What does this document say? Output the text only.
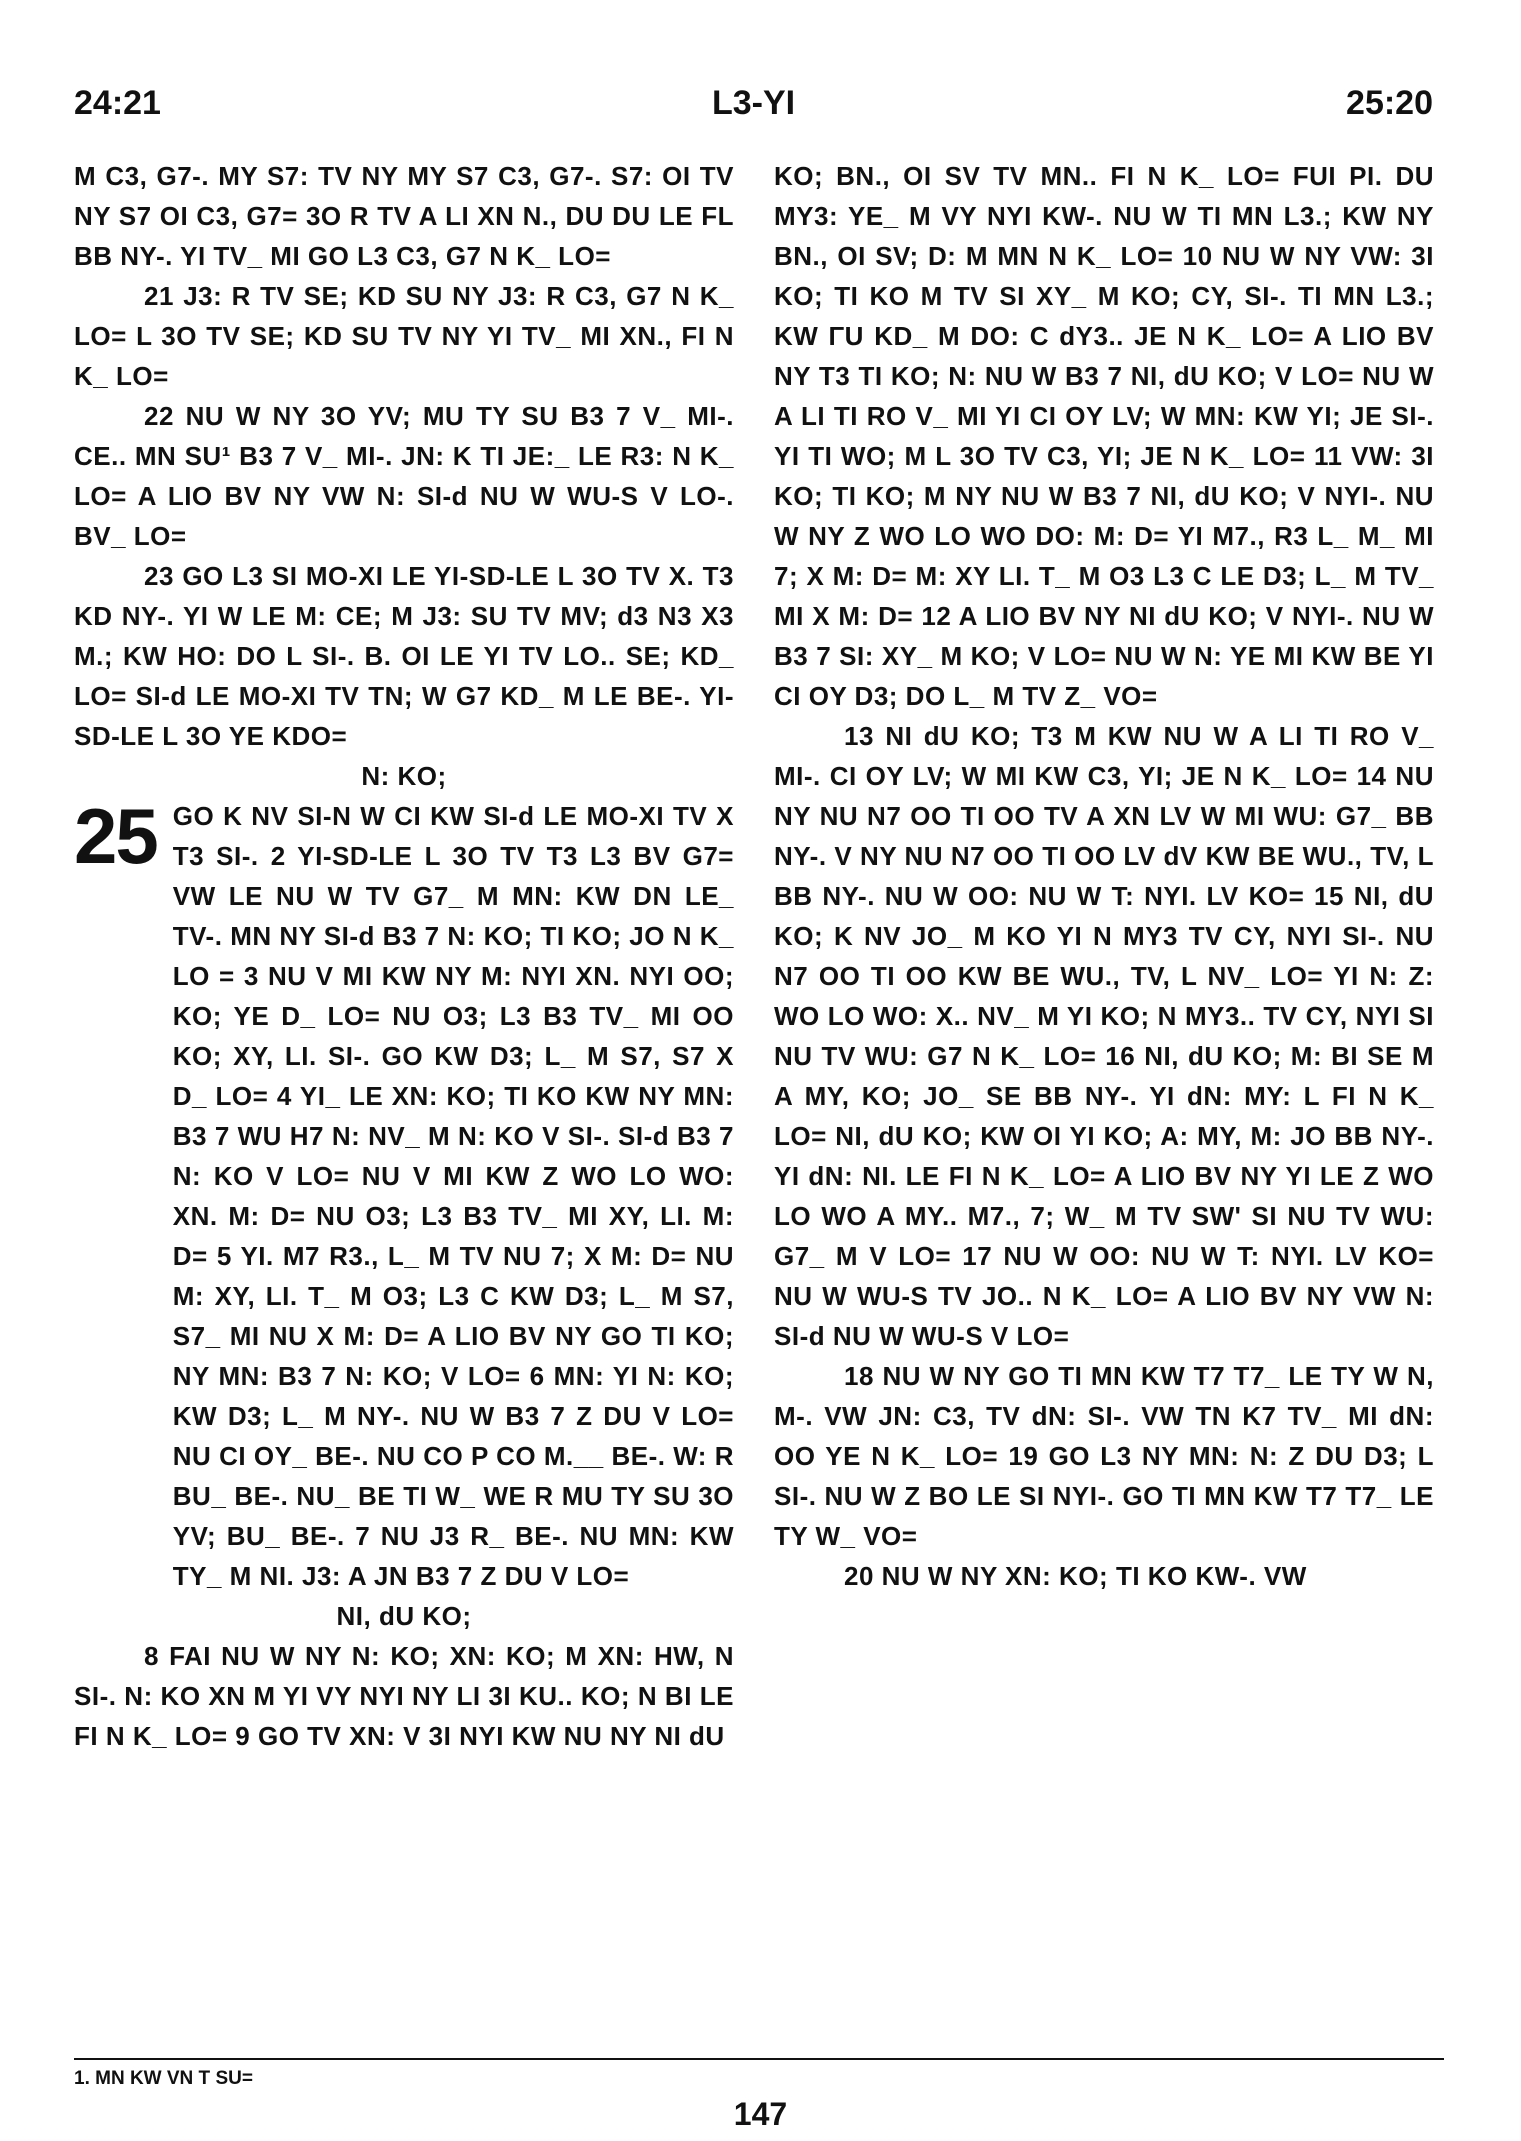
24:21	L3-YI	25:20

M C3, G7-. MY S7: TV NY MY S7 C3, G7-. S7: OI TV NY S7 OI C3, G7= 3O R TV A LI XN N., DU DU LE FL BB NY-. YI TV_ MI GO L3 C3, G7 N K_ LO=

21 J3: R TV SE; KD SU NY J3: R C3, G7 N K_ LO= L 3O TV SE; KD SU TV NY YI TV_ MI XN., FI N K_ LO=

22 NU W NY 3O YV; MU TY SU B3 7 V_ MI-. CE.. MN SU¹ B3 7 V_ MI-. JN: K TI JE:_ LE R3: N K_ LO= A LIO BV NY VW N: SI-d NU W WU-S V LO-. BV_ LO=

23 GO L3 SI MO-XI LE YI-SD-LE L 3O TV X. T3 KD NY-. YI W LE M: CE; M J3: SU TV MV; d3 N3 X3 M.; KW HO: DO L SI-. B. OI LE YI TV LO.. SE; KD_ LO= SI-d LE MO-XI TV TN; W G7 KD_ M LE BE-. YI-SD-LE L 3O YE KDO=

N: KO;

25 GO K NV SI-N W CI KW SI-d LE MO-XI TV X T3 SI-. 2 YI-SD-LE L 3O TV T3 L3 BV G7= VW LE NU W TV G7_ M MN: KW DN LE_ TV-. MN NY SI-d B3 7 N: KO; TI KO; JO N K_ LO = 3 NU V MI KW NY M: NYI XN. NYI OO; KO; YE D_ LO= NU O3; L3 B3 TV_ MI OO KO; XY, LI. SI-. GO KW D3; L_ M S7, S7 X D_ LO= 4 YI_ LE XN: KO; TI KO KW NY MN: B3 7 WU H7 N: NV_ M N: KO V SI-. SI-d B3 7 N: KO V LO= NU V MI KW Z WO LO WO: XN. M: D= NU O3; L3 B3 TV_ MI XY, LI. M: D= 5 YI. M7 R3., L_ M TV NU 7; X M: D= NU M: XY, LI. T_ M O3; L3 C KW D3; L_ M S7, S7_ MI NU X M: D= A LIO BV NY GO TI KO; NY MN: B3 7 N: KO; V LO= 6 MN: YI N: KO; KW D3; L_ M NY-. NU W B3 7 Z DU V LO= NU CI OY_ BE-. NU CO P CO M.__ BE-. W: R BU_ BE-. NU_ BE TI W_ WE R MU TY SU 3O YV; BU_ BE-. 7 NU J3 R_ BE-. NU MN: KW TY_ M NI. J3: A JN B3 7 Z DU V LO=

NI, dU KO;

8 FAI NU W NY N: KO; XN: KO; M XN: HW, N SI-. N: KO XN M YI VY NYI NY LI 3I KU.. KO; N BI LE FI N K_ LO= 9 GO TV XN: V 3I NYI KW NU NY NI dU

KO; BN., OI SV TV MN.. FI N K_ LO= FUI PI. DU MY3: YE_ M VY NYI KW-. NU W TI MN L3.; KW NY BN., OI SV; D: M MN N K_ LO= 10 NU W NY VW: 3I KO; TI KO M TV SI XY_ M KO; CY, SI-. TI MN L3.; KW ΓU KD_ M DO: C dY3.. JE N K_ LO= A LIO BV NY T3 TI KO; N: NU W B3 7 NI, dU KO; V LO= NU W A LI TI RO V_ MI YI CI OY LV; W MN: KW YI; JE SI-. YI TI WO; M L 3O TV C3, YI; JE N K_ LO= 11 VW: 3I KO; TI KO; M NY NU W B3 7 NI, dU KO; V NYI-. NU W NY Z WO LO WO DO: M: D= YI M7., R3 L_ M_ MI 7; X M: D= M: XY LI. T_ M O3 L3 C LE D3; L_ M TV_ MI X M: D= 12 A LIO BV NY NI dU KO; V NYI-. NU W B3 7 SI: XY_ M KO; V LO= NU W N: YE MI KW BE YI CI OY D3; DO L_ M TV Z_ VO=

13 NI dU KO; T3 M KW NU W A LI TI RO V_ MI-. CI OY LV; W MI KW C3, YI; JE N K_ LO= 14 NU NY NU N7 OO TI OO TV A XN LV W MI WU: G7_ BB NY-. V NY NU N7 OO TI OO LV dV KW BE WU., TV, L BB NY-. NU W OO: NU W T: NYI. LV KO= 15 NI, dU KO; K NV JO_ M KO YI N MY3 TV CY, NYI SI-. NU N7 OO TI OO KW BE WU., TV, L NV_ LO= YI N: Z: WO LO WO: X.. NV_ M YI KO; N MY3.. TV CY, NYI SI NU TV WU: G7 N K_ LO= 16 NI, dU KO; M: BI SE M A MY, KO; JO_ SE BB NY-. YI dN: MY: L FI N K_ LO= NI, dU KO; KW OI YI KO; A: MY, M: JO BB NY-. YI dN: NI. LE FI N K_ LO= A LIO BV NY YI LE Z WO LO WO A MY.. M7., 7; W_ M TV SW' SI NU TV WU: G7_ M V LO= 17 NU W OO: NU W T: NYI. LV KO= NU W WU-S TV JO.. N K_ LO= A LIO BV NY VW N: SI-d NU W WU-S V LO=

18 NU W NY GO TI MN KW T7 T7_ LE TY W N, M-. VW JN: C3, TV dN: SI-. VW TN K7 TV_ MI dN: OO YE N K_ LO= 19 GO L3 NY MN: N: Z DU D3; L SI-. NU W Z BO LE SI NYI-. GO TI MN KW T7 T7_ LE TY W_ VO=

20 NU W NY XN: KO; TI KO KW-. VW

1. MN KW VN T SU=
147
